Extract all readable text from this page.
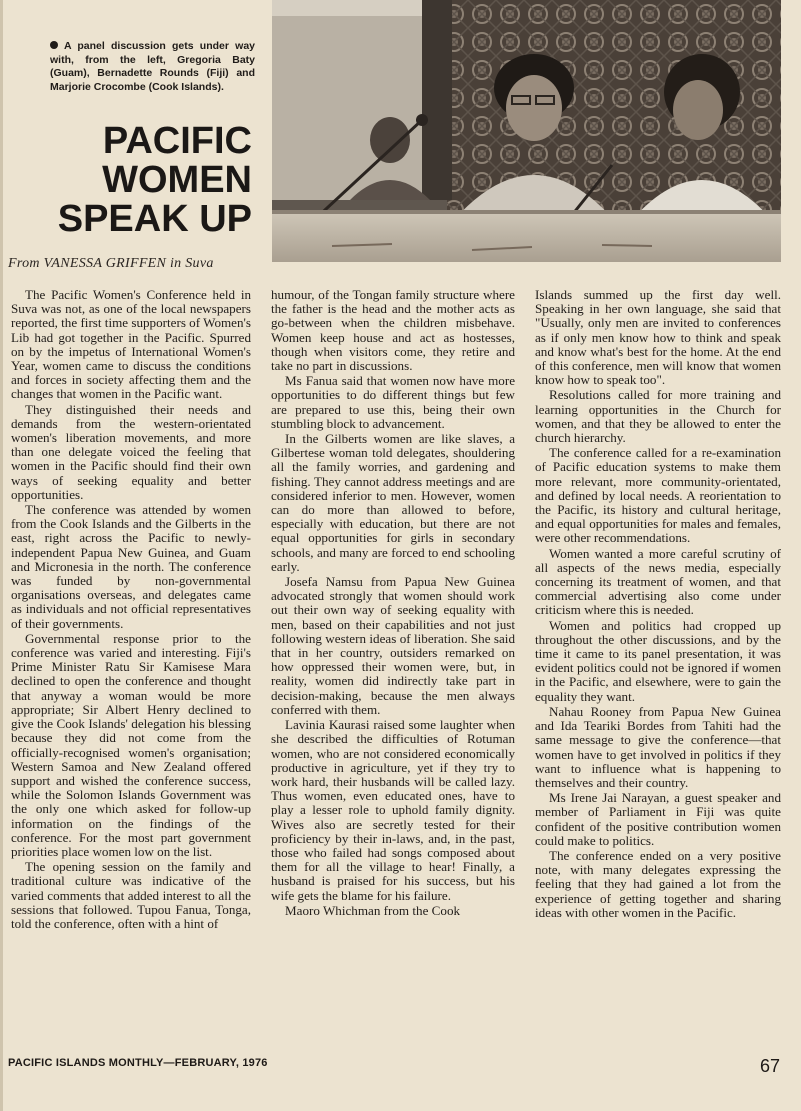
A panel discussion gets under way with, from the left, Gregoria Baty (Guam), Bernadette Rounds (Fiji) and Marjorie Crocombe (Cook Islands).
PACIFIC
WOMEN
SPEAK UP
From VANESSA GRIFFEN in Suva

The Pacific Women's Conference held in Suva was not, as one of the local newspapers reported, the first time supporters of Women's Lib had got together in the Pacific. Spurred on by the impetus of International Women's Year, women came to discuss the conditions and forces in society affecting them and the changes that women in the Pacific want.

They distinguished their needs and demands from the western-orientated women's liberation movements, and more than one delegate voiced the feeling that women in the Pacific should find their own ways of seeking equality and better opportunities.

The conference was attended by women from the Cook Islands and the Gilberts in the east, right across the Pacific to newly-independent Papua New Guinea, and Guam and Micronesia in the north. The conference was funded by non-governmental organisations overseas, and delegates came as individuals and not official representatives of their governments.

Governmental response prior to the conference was varied and interesting. Fiji's Prime Minister Ratu Sir Kamisese Mara declined to open the conference and thought that anyway a woman would be more appropriate; Sir Albert Henry declined to give the Cook Islands' delegation his blessing because they did not come from the officially-recognised women's organisation; Western Samoa and New Zealand offered support and wished the conference success, while the Solomon Islands Government was the only one which asked for follow-up information on the findings of the conference. For the most part government priorities place women low on the list.

The opening session on the family and traditional culture was indicative of the varied comments that added interest to all the sessions that followed. Tupou Fanua, Tonga, told the conference, often with a hint of

humour, of the Tongan family structure where the father is the head and the mother acts as go-between when the children misbehave. Women keep house and act as hostesses, though when visitors come, they retire and take no part in discussions.

Ms Fanua said that women now have more opportunities to do different things but few are prepared to use this, being their own stumbling block to advancement.

In the Gilberts women are like slaves, a Gilbertese woman told delegates, shouldering all the family worries, and gardening and fishing. They cannot address meetings and are considered inferior to men. However, women can do more than allowed to before, especially with education, but there are not equal opportunities for girls in secondary schools, and many are forced to end schooling early.

Josefa Namsu from Papua New Guinea advocated strongly that women should work out their own way of seeking equality with men, based on their capabilities and not just following western ideas of liberation. She said that in her country, outsiders remarked on how oppressed their women were, but, in reality, women did indirectly take part in decision-making, because the men always conferred with them.

Lavinia Kaurasi raised some laughter when she described the difficulties of Rotuman women, who are not considered economically productive in agriculture, yet if they try to work hard, their husbands will be called lazy. Thus women, even educated ones, have to play a lesser role to uphold family dignity. Wives also are secretly tested for their proficiency by their in-laws, and, in the past, those who failed had songs composed about them for all the village to hear! Finally, a husband is praised for his success, but his wife gets the blame for his failure.

Maoro Whichman from the Cook

Islands summed up the first day well. Speaking in her own language, she said that "Usually, only men are invited to conferences as if only men know how to think and speak and know what's best for the home. At the end of this conference, men will know that women know how to speak too".

Resolutions called for more training and learning opportunities in the Church for women, and that they be allowed to enter the church hierarchy.

The conference called for a re-examination of Pacific education systems to make them more relevant, more community-orientated, and defined by local needs. A reorientation to the Pacific, its history and cultural heritage, and equal opportunities for males and females, were other recommendations.

Women wanted a more careful scrutiny of all aspects of the news media, especially concerning its treatment of women, and that commercial advertising also come under criticism where this is needed.

Women and politics had cropped up throughout the other discussions, and by the time it came to its panel presentation, it was evident politics could not be ignored if women in the Pacific, and elsewhere, were to gain the equality they want.

Nahau Rooney from Papua New Guinea and Ida Teariki Bordes from Tahiti had the same message to give the conference—that women have to get involved in politics if they want to influence what is happening to themselves and their country.

Ms Irene Jai Narayan, a guest speaker and member of Parliament in Fiji was quite confident of the positive contribution women could make to politics.

The conference ended on a very positive note, with many delegates expressing the feeling that they had gained a lot from the experience of getting together and sharing ideas with other women in the Pacific.

PACIFIC ISLANDS MONTHLY—FEBRUARY, 1976	67
